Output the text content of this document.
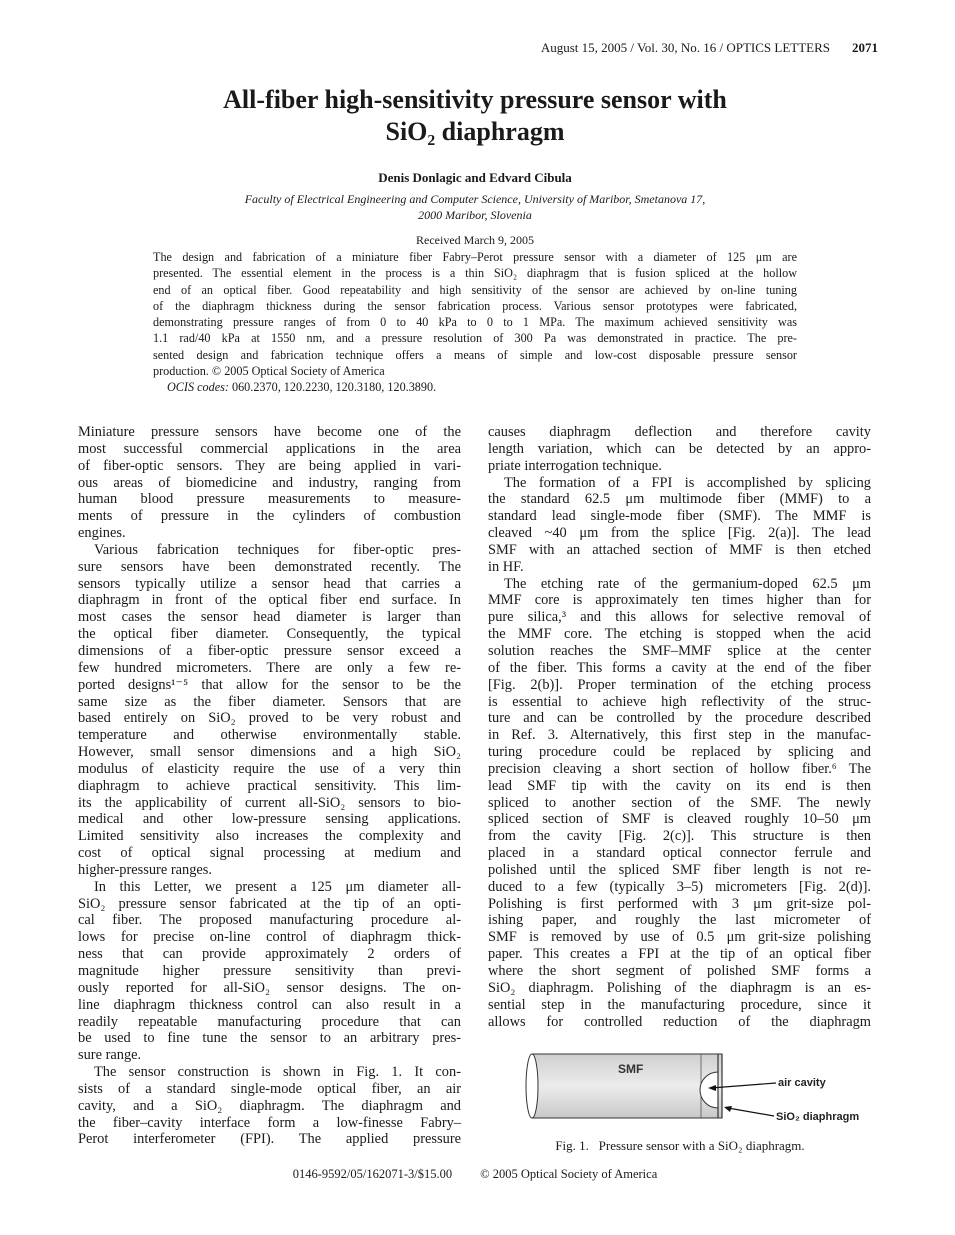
August 15, 2005 / Vol. 30, No. 16 / OPTICS LETTERS 2071
All-fiber high-sensitivity pressure sensor with
SiO₂ diaphragm
Denis Donlagic and Edvard Cibula
Faculty of Electrical Engineering and Computer Science, University of Maribor, Smetanova 17,
2000 Maribor, Slovenia
Received March 9, 2005
The design and fabrication of a miniature fiber Fabry–Perot pressure sensor with a diameter of 125 μm are
presented. The essential element in the process is a thin SiO₂ diaphragm that is fusion spliced at the hollow
end of an optical fiber. Good repeatability and high sensitivity of the sensor are achieved by on-line tuning
of the diaphragm thickness during the sensor fabrication process. Various sensor prototypes were fabricated,
demonstrating pressure ranges of from 0 to 40 kPa to 0 to 1 MPa. The maximum achieved sensitivity was
1.1 rad/40 kPa at 1550 nm, and a pressure resolution of 300 Pa was demonstrated in practice. The pre-
sented design and fabrication technique offers a means of simple and low-cost disposable pressure sensor
production. © 2005 Optical Society of America
OCIS codes: 060.2370, 120.2230, 120.3180, 120.3890.
Miniature pressure sensors have become one of the
most successful commercial applications in the area
of fiber-optic sensors. They are being applied in vari-
ous areas of biomedicine and industry, ranging from
human blood pressure measurements to measure-
ments of pressure in the cylinders of combustion
engines.
Various fabrication techniques for fiber-optic pres-
sure sensors have been demonstrated recently. The
sensors typically utilize a sensor head that carries a
diaphragm in front of the optical fiber end surface. In
most cases the sensor head diameter is larger than
the optical fiber diameter. Consequently, the typical
dimensions of a fiber-optic pressure sensor exceed a
few hundred micrometers. There are only a few re-
ported designs¹⁻⁵ that allow for the sensor to be the
same size as the fiber diameter. Sensors that are
based entirely on SiO₂ proved to be very robust and
temperature and otherwise environmentally stable.
However, small sensor dimensions and a high SiO₂
modulus of elasticity require the use of a very thin
diaphragm to achieve practical sensitivity. This lim-
its the applicability of current all-SiO₂ sensors to bio-
medical and other low-pressure sensing applications.
Limited sensitivity also increases the complexity and
cost of optical signal processing at medium and
higher-pressure ranges.
In this Letter, we present a 125 μm diameter all-
SiO₂ pressure sensor fabricated at the tip of an opti-
cal fiber. The proposed manufacturing procedure al-
lows for precise on-line control of diaphragm thick-
ness that can provide approximately 2 orders of
magnitude higher pressure sensitivity than previ-
ously reported for all-SiO₂ sensor designs. The on-
line diaphragm thickness control can also result in a
readily repeatable manufacturing procedure that can
be used to fine tune the sensor to an arbitrary pres-
sure range.
The sensor construction is shown in Fig. 1. It con-
sists of a standard single-mode optical fiber, an air
cavity, and a SiO₂ diaphragm. The diaphragm and
the fiber–cavity interface form a low-finesse Fabry–
Perot interferometer (FPI). The applied pressure
causes diaphragm deflection and therefore cavity
length variation, which can be detected by an appro-
priate interrogation technique.
The formation of a FPI is accomplished by splicing
the standard 62.5 μm multimode fiber (MMF) to a
standard lead single-mode fiber (SMF). The MMF is
cleaved ~40 μm from the splice [Fig. 2(a)]. The lead
SMF with an attached section of MMF is then etched
in HF.
The etching rate of the germanium-doped 62.5 μm
MMF core is approximately ten times higher than for
pure silica,³ and this allows for selective removal of
the MMF core. The etching is stopped when the acid
solution reaches the SMF–MMF splice at the center
of the fiber. This forms a cavity at the end of the fiber
[Fig. 2(b)]. Proper termination of the etching process
is essential to achieve high reflectivity of the struc-
ture and can be controlled by the procedure described
in Ref. 3. Alternatively, this first step in the manufac-
turing procedure could be replaced by splicing and
precision cleaving a short section of hollow fiber.⁶ The
lead SMF tip with the cavity on its end is then
spliced to another section of the SMF. The newly
spliced section of SMF is cleaved roughly 10–50 μm
from the cavity [Fig. 2(c)]. This structure is then
placed in a standard optical connector ferrule and
polished until the spliced SMF fiber length is not re-
duced to a few (typically 3–5) micrometers [Fig. 2(d)].
Polishing is first performed with 3 μm grit-size pol-
ishing paper, and roughly the last micrometer of
SMF is removed by use of 0.5 μm grit-size polishing
paper. This creates a FPI at the tip of an optical fiber
where the short segment of polished SMF forms a
SiO₂ diaphragm. Polishing of the diaphragm is an es-
sential step in the manufacturing procedure, since it
allows for controlled reduction of the diaphragm
SMF
air cavity
SiO₂ diaphragm
Fig. 1.   Pressure sensor with a SiO₂ diaphragm.
0146-9592/05/162071-3/$15.00 © 2005 Optical Society of America
